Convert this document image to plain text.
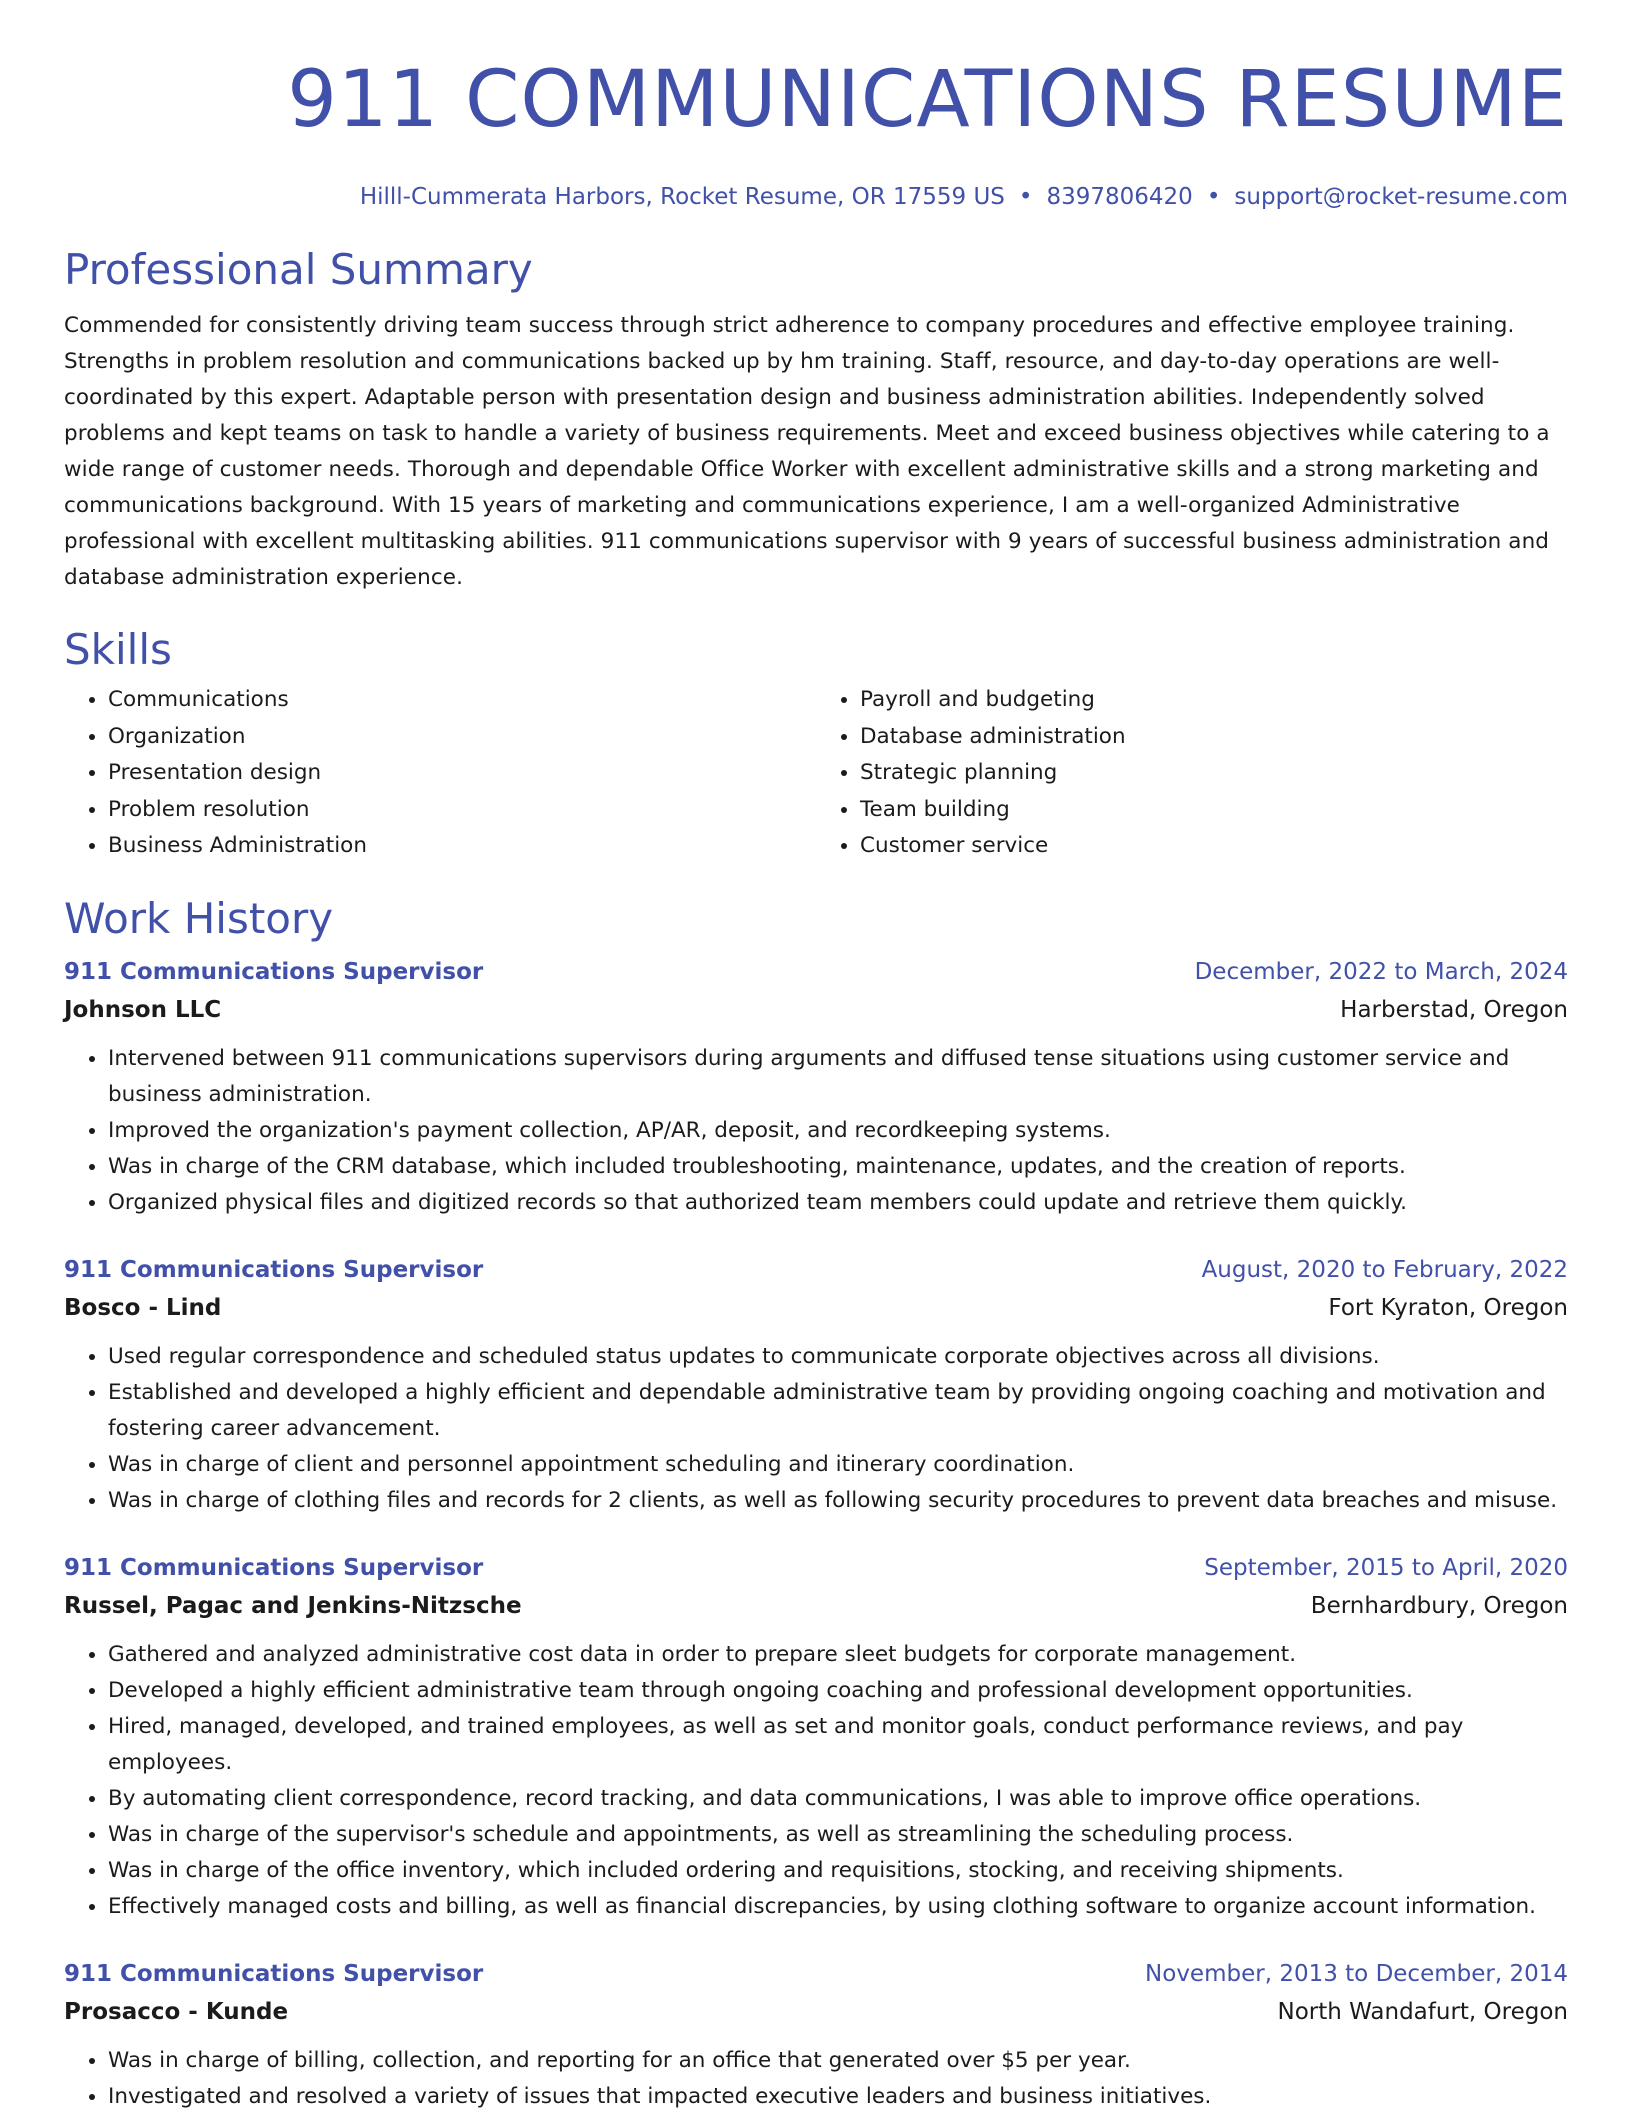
911 COMMUNICATIONS RESUME
Hilll-Cummerata Harbors, Rocket Resume, OR 17559 US • 8397806420 • support@rocket-resume.com
Professional Summary
Commended for consistently driving team success through strict adherence to company procedures and effective employee training. Strengths in problem resolution and communications backed up by hm training. Staff, resource, and day-to-day operations are well-coordinated by this expert. Adaptable person with presentation design and business administration abilities. Independently solved problems and kept teams on task to handle a variety of business requirements. Meet and exceed business objectives while catering to a wide range of customer needs. Thorough and dependable Office Worker with excellent administrative skills and a strong marketing and communications background. With 15 years of marketing and communications experience, I am a well-organized Administrative professional with excellent multitasking abilities. 911 communications supervisor with 9 years of successful business administration and database administration experience.
Skills
• Communications
• Organization
• Presentation design
• Problem resolution
• Business Administration
• Payroll and budgeting
• Database administration
• Strategic planning
• Team building
• Customer service
Work History
911 Communications Supervisor	December, 2022 to March, 2024
Johnson LLC	Harberstad, Oregon
• Intervened between 911 communications supervisors during arguments and diffused tense situations using customer service and business administration.
• Improved the organization's payment collection, AP/AR, deposit, and recordkeeping systems.
• Was in charge of the CRM database, which included troubleshooting, maintenance, updates, and the creation of reports.
• Organized physical files and digitized records so that authorized team members could update and retrieve them quickly.
911 Communications Supervisor	August, 2020 to February, 2022
Bosco - Lind	Fort Kyraton, Oregon
• Used regular correspondence and scheduled status updates to communicate corporate objectives across all divisions.
• Established and developed a highly efficient and dependable administrative team by providing ongoing coaching and motivation and fostering career advancement.
• Was in charge of client and personnel appointment scheduling and itinerary coordination.
• Was in charge of clothing files and records for 2 clients, as well as following security procedures to prevent data breaches and misuse.
911 Communications Supervisor	September, 2015 to April, 2020
Russel, Pagac and Jenkins-Nitzsche	Bernhardbury, Oregon
• Gathered and analyzed administrative cost data in order to prepare sleet budgets for corporate management.
• Developed a highly efficient administrative team through ongoing coaching and professional development opportunities.
• Hired, managed, developed, and trained employees, as well as set and monitor goals, conduct performance reviews, and pay employees.
• By automating client correspondence, record tracking, and data communications, I was able to improve office operations.
• Was in charge of the supervisor's schedule and appointments, as well as streamlining the scheduling process.
• Was in charge of the office inventory, which included ordering and requisitions, stocking, and receiving shipments.
• Effectively managed costs and billing, as well as financial discrepancies, by using clothing software to organize account information.
911 Communications Supervisor	November, 2013 to December, 2014
Prosacco - Kunde	North Wandafurt, Oregon
• Was in charge of billing, collection, and reporting for an office that generated over $5 per year.
• Investigated and resolved a variety of issues that impacted executive leaders and business initiatives.
